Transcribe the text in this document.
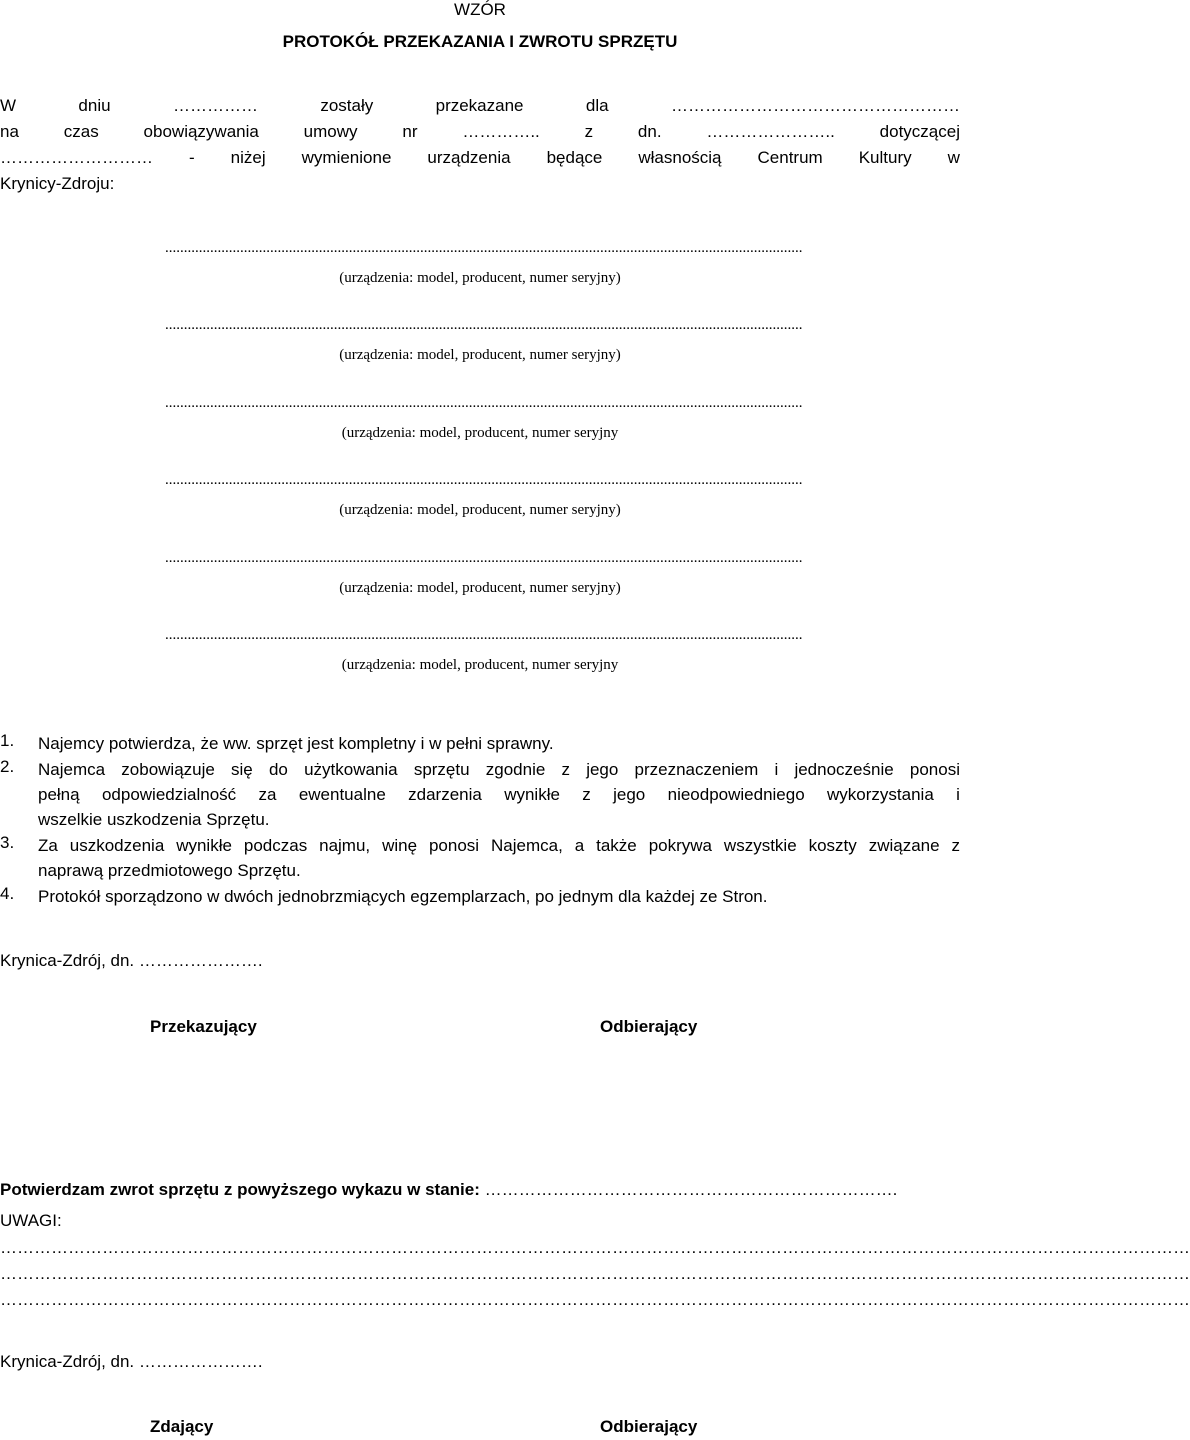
WZÓR
PROTOKÓŁ PRZEKAZANIA I ZWROTU SPRZĘTU
W	dniu	……………	zostały	przekazane	dla	……………………………………………
na	czas	obowiązywania	umowy	nr	…………..	z	dn.	…………………..	dotyczącej
……………………… - niżej wymienione urządzenia będące własnością Centrum Kultury w
Krynicy-Zdroju:
..........................................................................................................................................................................
(urządzenia: model, producent, numer seryjny)
..........................................................................................................................................................................
(urządzenia: model, producent, numer seryjny)
..........................................................................................................................................................................
(urządzenia: model, producent, numer seryjny
..........................................................................................................................................................................
(urządzenia: model, producent, numer seryjny)
..........................................................................................................................................................................
(urządzenia: model, producent, numer seryjny)
..........................................................................................................................................................................
(urządzenia: model, producent, numer seryjny
1. Najemcy potwierdza, że ww. sprzęt jest kompletny i w pełni sprawny.
2. Najemca zobowiązuje się do użytkowania sprzętu zgodnie z jego przeznaczeniem i jednocześnie ponosi
pełną odpowiedzialność za ewentualne zdarzenia wynikłe z jego nieodpowiedniego wykorzystania i
wszelkie uszkodzenia Sprzętu.
3. Za uszkodzenia wynikłe podczas najmu, winę ponosi Najemca, a także pokrywa wszystkie koszty związane z
naprawą przedmiotowego Sprzętu.
4. Protokół sporządzono w dwóch jednobrzmiących egzemplarzach, po jednym dla każdej ze Stron.
Krynica-Zdrój, dn. ………………….
Przekazujący	Odbierający
Potwierdzam zwrot sprzętu z powyższego wykazu w stanie: ……………………………………………………………….
UWAGI:
…………………………………………………………………………………………………………………………………………………………………………………………
…………………………………………………………………………………………………………………………………………………………………………………………
…………………………………………………………………………………………………………………………………………………………………………………………
Krynica-Zdrój, dn. ………………….
Zdający	Odbierający
